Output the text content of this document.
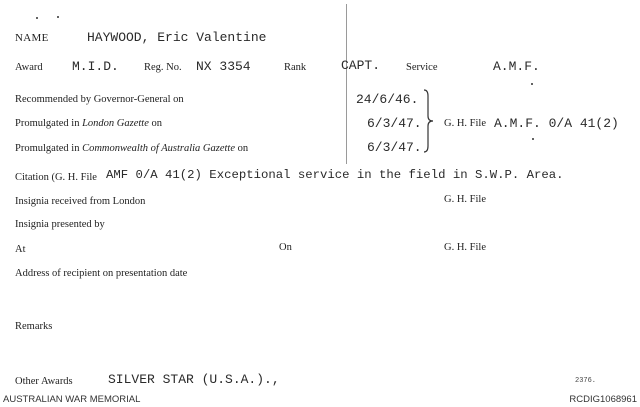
NAME	HAYWOOD, Eric Valentine
Award M.I.D. Reg. No. NX 3354	Rank	CAPT. Service	A.M.F.
Recommended by Governor-General on	24/6/46.
Promulgated in London Gazette on	6/3/47.
Promulgated in Commonwealth of Australia Gazette on	6/3/47.
G. H. File A.M.F. 0/A 41(2)
Citation (G. H. File AMF 0/A 41(2) Exceptional service in the field in S.W.P. Area.
Insignia received from London	G. H. File
Insignia presented by
At	On	G. H. File
Address of recipient on presentation date
Remarks
Other Awards	SILVER STAR (U.S.A.).,	2376.
AUSTRALIAN WAR MEMORIAL	RCDIG1068961
